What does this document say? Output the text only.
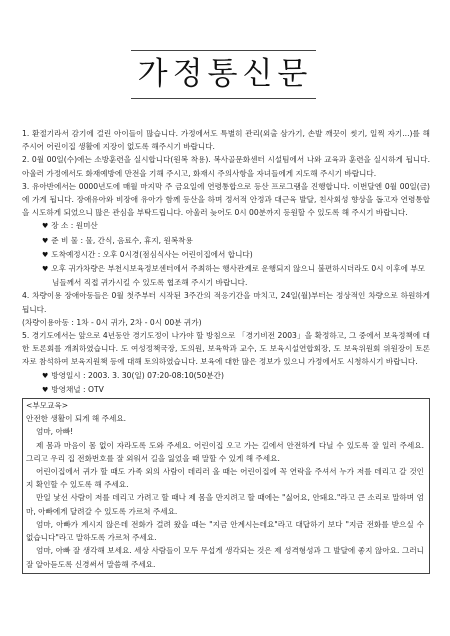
가정통신문

1. 환절기라서 감기에 걸린 아이들이 많습니다. 가정에서도 특별히 관리(외출 삼가기, 손발 깨끗이 씻기, 일찍 자기...)를 해주시어 어린이집 생활에 지장이 없도록 해주시기 바랍니다.

2. 0월 00일(수)에는 소방훈련을 실시합니다(원복 착용). 복사골문화센터 시설팀에서 나와 교육과 훈련을 실시하게 됩니다. 아울러 가정에서도 화재예방에 만전을 기해 주시고, 화재시 주의사항을 자녀들에게 지도해 주시기 바랍니다.

3. 유아반에서는 0000년도에 매월 마지막 주 금요일에 연령통합으로 등산 프로그램을 진행합니다. 이번달엔 0월 00일(금)에 가게 됩니다. 장애유아와 비장애 유아가 함께 등산을 하며 정서적 안정과 대근육 발달, 친사회성 향상을 돕고자 연령통합을 시도하게 되었으니 많은 관심을 부탁드립니다. 아울러 늦어도 0시 00분까지 등원할 수 있도록 해 주시기 바랍니다.

♥ 장 소 : 원미산

♥ 준 비 물 : 물, 간식, 음료수, 휴지, 원복착용

♥ 도착예정시간 : 오후 0시경(점심식사는 어린이집에서 합니다)

♥ 오후 귀가차량은 부천시보육정보센터에서 주최하는 행사관계로 운행되지 않으니 불편하시더라도 0시 이후에 부모님들께서 직접 귀가시킬 수 있도록 협조해 주시기 바랍니다.

4. 차량이용 장애아동들은 0월 첫주부터 시작된 3주간의 적응기간을 마치고, 24일(월)부터는 정상적인 차량으로 하원하게 됩니다.

(차량이용아동 : 1차 - 0시 귀가, 2차 - 0시 00분 귀가)

5. 경기도에서는 앞으로 4년동안 경기도정이 나가야 할 방침으로 「경기비전 2003」을 확정하고, 그 중에서 보육정책에 대한 토론회를 개최하였습니다. 도 여성정책국장, 도의원, 보육학과 교수, 도 보육시설연합회장, 도 보육위원회 위원장이 토론자로 참석하여 보육지원책 등에 대해 토의하였습니다. 보육에 대한 많은 정보가 있으니 가정에서도 시청하시기 바랍니다.

♥ 방영일시 : 2003. 3. 30(일) 07:20-08:10(50분간)

♥ 방영채널 : OTV

<부모교육>

안전한 생활이 되게 해 주세요.

엄마, 아빠!

제 몸과 마음이 몸 없이 자라도록 도와 주세요. 어린이집 오고 가는 길에서 안전하게 다닐 수 있도록 잘 일러 주세요. 그리고 우리 집 전화번호를 잘 외워서 길을 잃었을 때 말할 수 있게 해 주세요.

어린이집에서 귀가 할 때도 가족 외의 사람이 데리러 올 때는 어린이집에 꼭 연락을 주셔서 누가 저를 데리고 갈 것인지 확인할 수 있도록 해 주세요.

만일 낯선 사람이 저를 데리고 가려고 할 때나 제 몸을 만지려고 할 때에는 "싫어요, 안돼요."라고 큰 소리로 말하며 엄마, 아빠에게 달려갈 수 있도록 가르쳐 주세요.

엄마, 아빠가 계시지 않은데 전화가 걸려 왔을 때는 "지금 안계시는데요"라고 대답하기 보다 "지금 전화를 받으실 수 없습니다"라고 말하도록 가르쳐 주세요.

엄마, 아빠 잘 생각해 보세요. 세상 사람들이 모두 무섭게 생각되는 것은 제 성격형성과 그 발달에 좋지 않아요. 그러니 잘 알아듣도록 신경써서 말씀해 주세요.
